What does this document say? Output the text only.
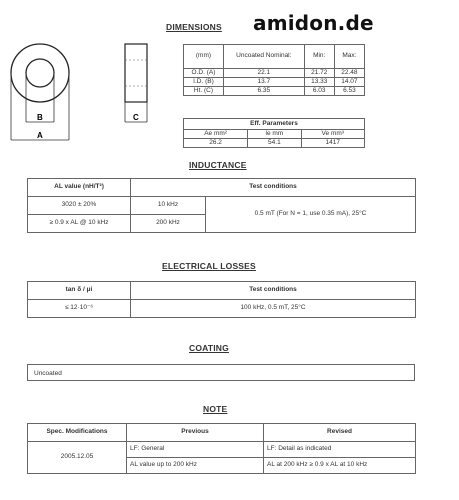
amidon.de
B
A
C
DIMENSIONS
(mm)	Uncoated Nominal:	Min:	Max:
O.D. (A)	22.1	21.72	22.48
I.D. (B)	13.7	13.33	14.07
Ht. (C)	6.35	6.03	6.53
Eff. Parameters		
Ae mm²	le mm	Ve mm³
26.2	54.1	1417
INDUCTANCE
AL value (nH/T²)	Test conditions	
3020 ± 20%	10 kHz	0.5 mT (For N = 1, use 0.35 mA), 25°C
≥ 0.9 x AL @ 10 kHz	200 kHz	
ELECTRICAL LOSSES
tan δ / μi	Test conditions
≤ 12·10⁻⁶	100 kHz, 0.5 mT, 25°C
COATING
Uncoated
NOTE
Spec. Modifications	Previous	Revised
2005.12.05	LF: General	LF: Detail as indicated
	AL value up to 200 kHz	AL at 200 kHz ≥ 0.9 x AL at 10 kHz
